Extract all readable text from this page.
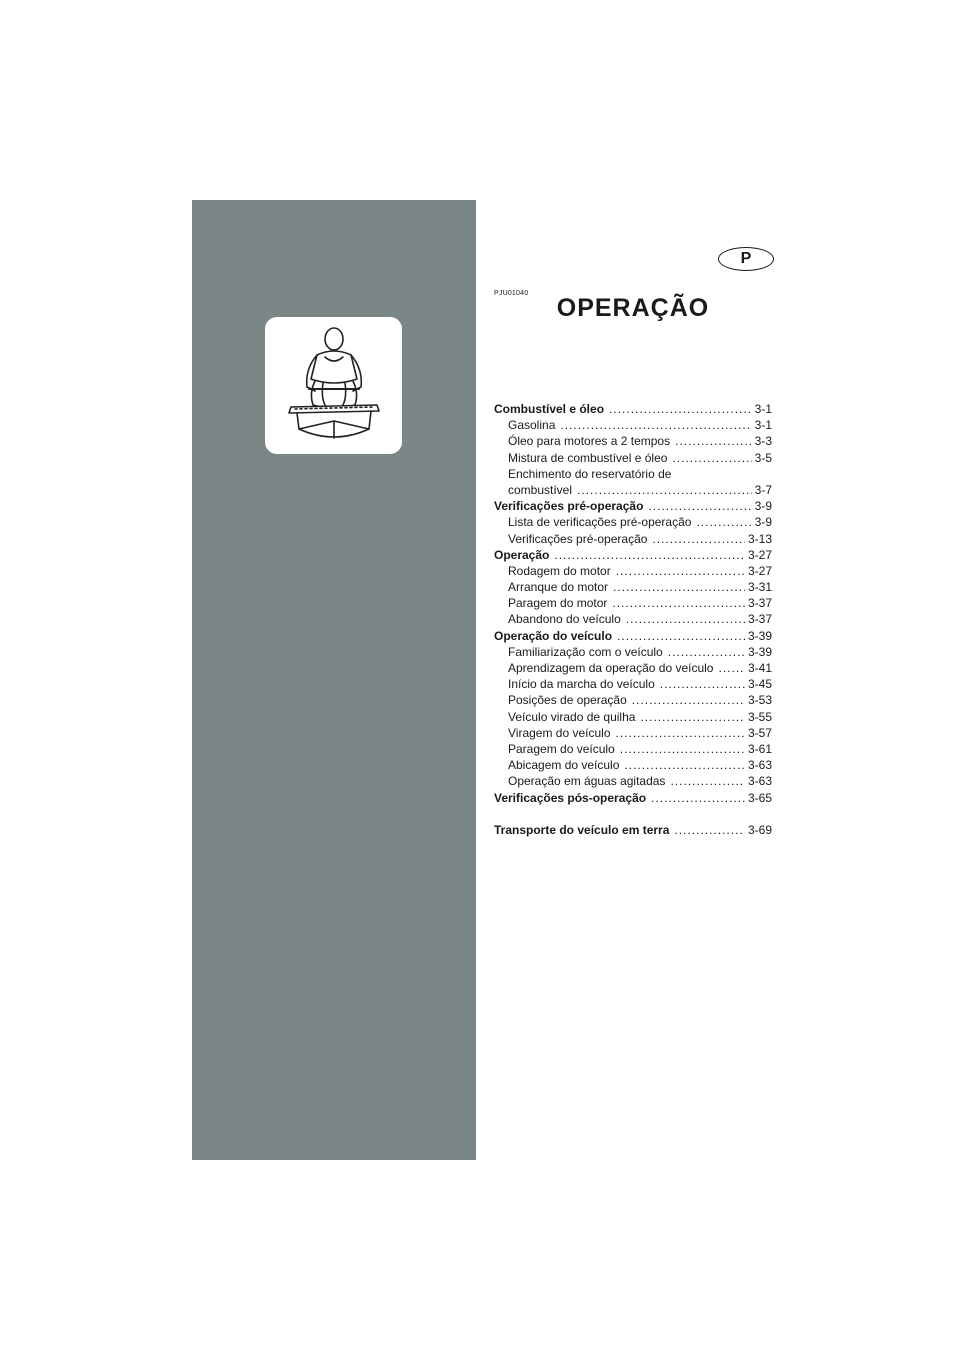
P
PJU01040
OPERAÇÃO
Combustível e óleo .....	3-1
Gasolina .....	3-1
Óleo para motores a 2 tempos .....	3-3
Mistura de combustível e óleo .....	3-5
Enchimento do reservatório de
combustível .....	3-7
Verificações pré-operação .....	3-9
Lista de verificações pré-operação .....	3-9
Verificações pré-operação .....	3-13
Operação .....	3-27
Rodagem do motor .....	3-27
Arranque do motor .....	3-31
Paragem do motor .....	3-37
Abandono do veículo .....	3-37
Operação do veículo .....	3-39
Familiarização com o veículo .....	3-39
Aprendizagem da operação do veículo .....	3-41
Início da marcha do veículo .....	3-45
Posições de operação .....	3-53
Veículo virado de quilha .....	3-55
Viragem do veículo .....	3-57
Paragem do veículo .....	3-61
Abicagem do veículo .....	3-63
Operação em águas agitadas .....	3-63
Verificações pós-operação .....	3-65
Transporte do veículo em terra .....	3-69
